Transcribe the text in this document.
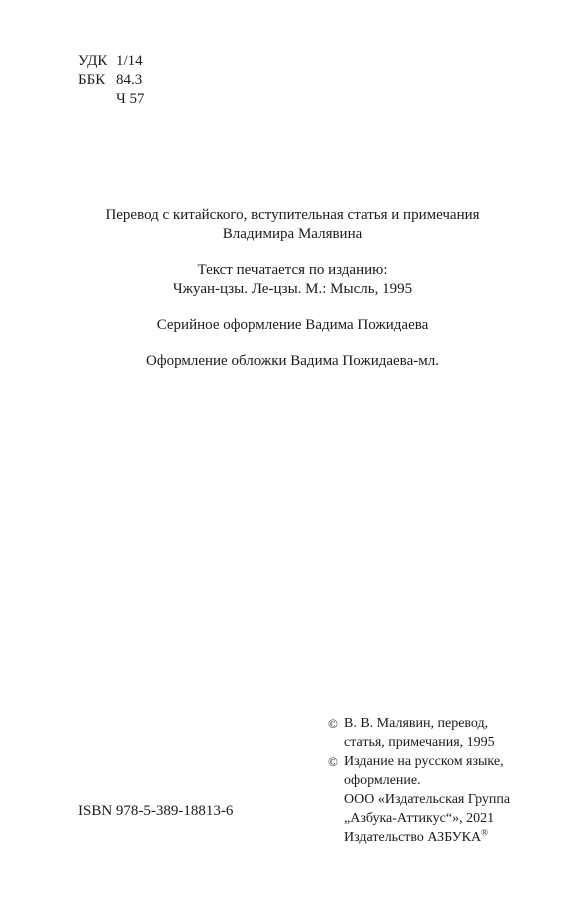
УДК 1/14
ББК 84.3
Ч 57
Перевод с китайского, вступительная статья и примечания
Владимира Малявина
Текст печатается по изданию:
Чжуан-цзы. Ле-цзы. М.: Мысль, 1995
Серийное оформление Вадима Пожидаева
Оформление обложки Вадима Пожидаева-мл.
© В. В. Малявин, перевод,
статья, примечания, 1995
© Издание на русском языке,
оформление.
ООО «Издательская Группа
„Азбука-Аттикус“», 2021
Издательство АЗБУКА®
ISBN 978-5-389-18813-6
